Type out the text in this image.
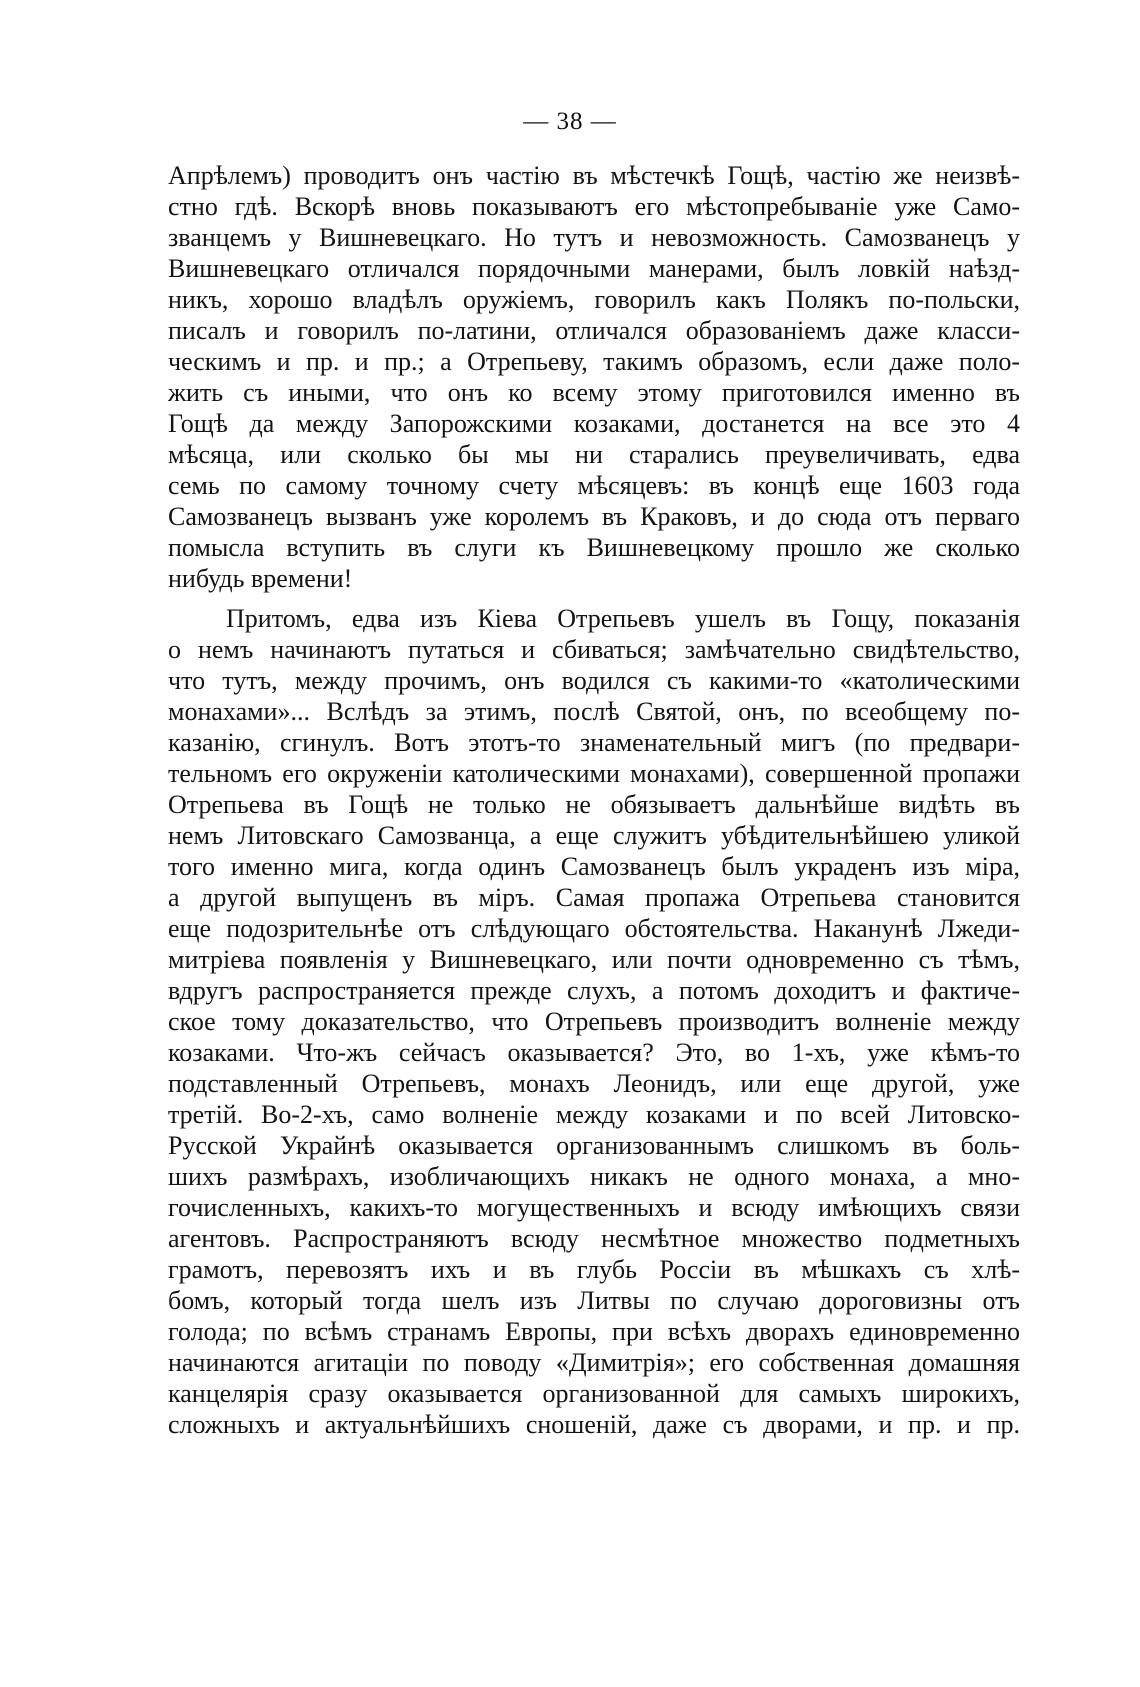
— 38 —
Апрѣлемъ) проводитъ онъ частію въ мѣстечкѣ Гощѣ, частію же неизвѣ-
стно гдѣ. Вскорѣ вновь показываютъ его мѣстопребываніе уже Само-
званцемъ у Вишневецкаго. Но тутъ и невозможность. Самозванецъ у
Вишневецкаго отличался порядочными манерами, былъ ловкій наѣзд-
никъ, хорошо владѣлъ оружіемъ, говорилъ какъ Полякъ по-польски,
писалъ и говорилъ по-латини, отличался образованіемъ даже класси-
ческимъ и пр. и пр.; а Отрепьеву, такимъ образомъ, если даже поло-
жить съ иными, что онъ ко всему этому приготовился именно въ
Гощѣ да между Запорожскими козаками, достанется на все это 4
мѣсяца, или сколько бы мы ни старались преувеличивать, едва
семь по самому точному счету мѣсяцевъ: въ концѣ еще 1603 года
Самозванецъ вызванъ уже королемъ въ Краковъ, и до сюда отъ перваго
помысла вступить въ слуги къ Вишневецкому прошло же сколько
нибудь времени!
Притомъ, едва изъ Кіева Отрепьевъ ушелъ въ Гощу, показанія
о немъ начинаютъ путаться и сбиваться; замѣчательно свидѣтельство,
что тутъ, между прочимъ, онъ водился съ какими-то «католическими
монахами»... Вслѣдъ за этимъ, послѣ Святой, онъ, по всеобщему по-
казанію, сгинулъ. Вотъ этотъ-то знаменательный мигъ (по предвари-
тельномъ его окруженіи католическими монахами), совершенной пропажи
Отрепьева въ Гощѣ не только не обязываетъ дальнѣйше видѣть въ
немъ Литовскаго Самозванца, а еще служитъ убѣдительнѣйшею уликой
того именно мига, когда одинъ Самозванецъ былъ украденъ изъ міра,
а другой выпущенъ въ міръ. Самая пропажа Отрепьева становится
еще подозрительнѣе отъ слѣдующаго обстоятельства. Наканунѣ Лжеди-
митріева появленія у Вишневецкаго, или почти одновременно съ тѣмъ,
вдругъ распространяется прежде слухъ, а потомъ доходитъ и фактиче-
ское тому доказательство, что Отрепьевъ производитъ волненіе между
козаками. Что-жъ сейчасъ оказывается? Это, во 1-хъ, уже кѣмъ-то
подставленный Отрепьевъ, монахъ Леонидъ, или еще другой, уже
третій. Во-2-хъ, само волненіе между козаками и по всей Литовско-
Русской Украйнѣ оказывается организованнымъ слишкомъ въ боль-
шихъ размѣрахъ, изобличающихъ никакъ не одного монаха, а мно-
гочисленныхъ, какихъ-то могущественныхъ и всюду имѣющихъ связи
агентовъ. Распространяютъ всюду несмѣтное множество подметныхъ
грамотъ, перевозятъ ихъ и въ глубь Россіи въ мѣшкахъ съ хлѣ-
бомъ, который тогда шелъ изъ Литвы по случаю дороговизны отъ
голода; по всѣмъ странамъ Европы, при всѣхъ дворахъ единовременно
начинаются агитаціи по поводу «Димитрія»; его собственная домашняя
канцелярія сразу оказывается организованной для самыхъ широкихъ,
сложныхъ и актуальнѣйшихъ сношеній, даже съ дворами, и пр. и пр.
